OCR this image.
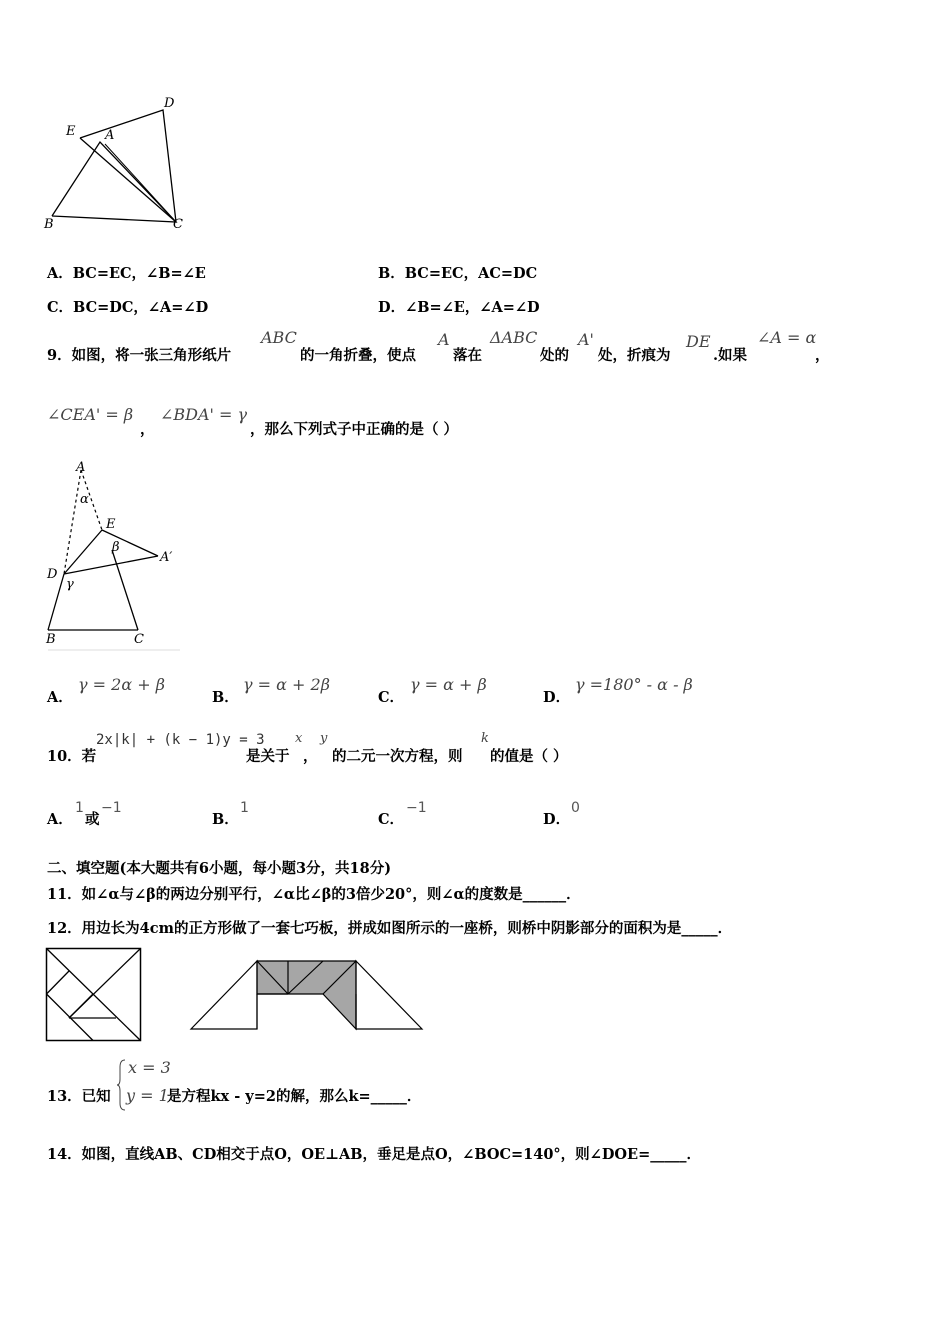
D
E A
B	C
A．BC=EC，∠B=∠E	B．BC=EC，AC=DC
C．BC=DC，∠A=∠D	D．∠B=∠E，∠A=∠D
9．如图，将一张三角形纸片
ABC
的一角折叠，使点
A
落在
ΔABC
处的
A'
处，折痕为
DE
.如果
∠A = α
，
∠CEA' = β
，
∠BDA' = γ
，那么下列式子中正确的是（ ）
A
α
E
β
A′
D
γ
B	C
A．
γ = 2α + β
B．
γ = α + 2β
C．
γ = α + β
D．
γ =180° - α - β
10．若
2x|k| + (k − 1)y = 3
是关于
x
，
y
的二元一次方程，则
k
的值是（ ）
A．
1
或
−1
B．
1
C．
−1
D．
0
二、填空题(本大题共有6小题，每小题3分，共18分)
11．如∠α与∠β的两边分别平行，∠α比∠β的3倍少20°，则∠α的度数是______．
12．用边长为4cm的正方形做了一套七巧板，拼成如图所示的一座桥，则桥中阴影部分的面积为是_____．
13．已知
x = 3
y = 1
是方程kx - y=2的解，那么k=_____．
14．如图，直线AB、CD相交于点O，OE⊥AB，垂足是点O，∠BOC=140°，则∠DOE=_____．
